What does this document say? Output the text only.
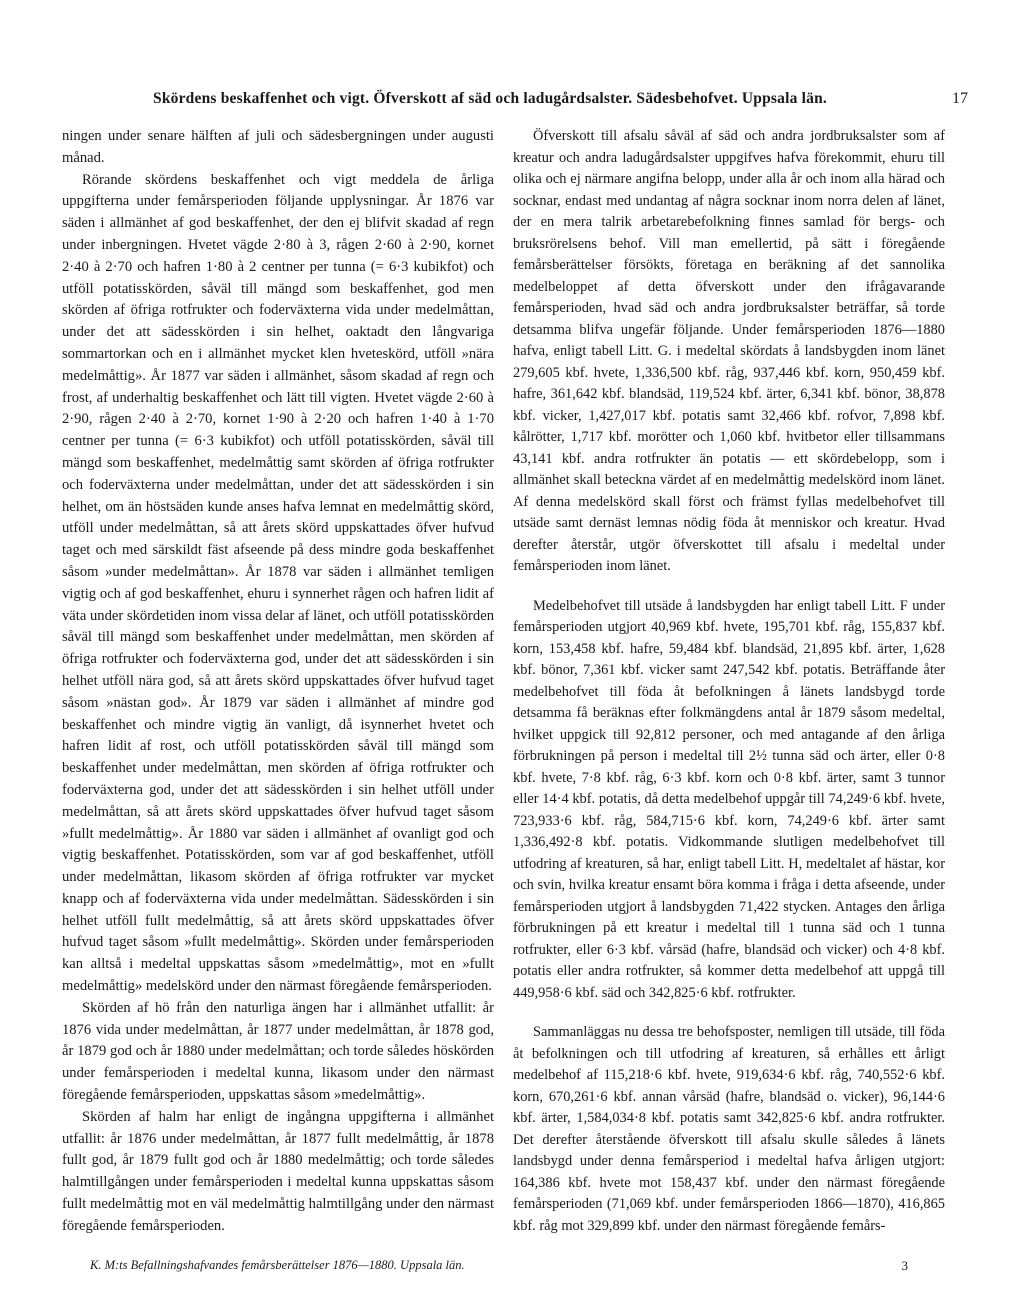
Skördens beskaffenhet och vigt. Öfverskott af säd och ladugårdsalster. Sädesbehofvet. Uppsala län.	17

ningen under senare hälften af juli och sädesbergningen under augusti månad.

Rörande skördens beskaffenhet och vigt meddela de årliga uppgifterna under femårsperioden följande upplysningar. År 1876 var säden i allmänhet af god beskaffenhet, der den ej blifvit skadad af regn under inbergningen. Hvetet vägde 2·80 à 3, rågen 2·60 à 2·90, kornet 2·40 à 2·70 och hafren 1·80 à 2 centner per tunna (= 6·3 kubikfot) och utföll potatisskörden, såväl till mängd som beskaffenhet, god men skörden af öfriga rotfrukter och foderväxterna vida under medelmåttan, under det att sädesskörden i sin helhet, oaktadt den långvariga sommartorkan och en i allmänhet mycket klen hveteskörd, utföll »nära medelmåttig». År 1877 var säden i allmänhet, såsom skadad af regn och frost, af underhaltig beskaffenhet och lätt till vigten. Hvetet vägde 2·60 à 2·90, rågen 2·40 à 2·70, kornet 1·90 à 2·20 och hafren 1·40 à 1·70 centner per tunna (= 6·3 kubikfot) och utföll potatisskörden, såväl till mängd som beskaffenhet, medelmåttig samt skörden af öfriga rotfrukter och foderväxterna under medelmåttan, under det att sädesskörden i sin helhet, om än höstsäden kunde anses hafva lemnat en medelmåttig skörd, utföll under medelmåttan, så att årets skörd uppskattades öfver hufvud taget och med särskildt fäst afseende på dess mindre goda beskaffenhet såsom »under medelmåttan». År 1878 var säden i allmänhet temligen vigtig och af god beskaffenhet, ehuru i synnerhet rågen och hafren lidit af väta under skördetiden inom vissa delar af länet, och utföll potatisskörden såväl till mängd som beskaffenhet under medelmåttan, men skörden af öfriga rotfrukter och foderväxterna god, under det att sädesskörden i sin helhet utföll nära god, så att årets skörd uppskattades öfver hufvud taget såsom »nästan god». År 1879 var säden i allmänhet af mindre god beskaffenhet och mindre vigtig än vanligt, då isynnerhet hvetet och hafren lidit af rost, och utföll potatisskörden såväl till mängd som beskaffenhet under medelmåttan, men skörden af öfriga rotfrukter och foderväxterna god, under det att sädesskörden i sin helhet utföll under medelmåttan, så att årets skörd uppskattades öfver hufvud taget såsom »fullt medelmåttig». År 1880 var säden i allmänhet af ovanligt god och vigtig beskaffenhet. Potatisskörden, som var af god beskaffenhet, utföll under medelmåttan, likasom skörden af öfriga rotfrukter var mycket knapp och af foderväxterna vida under medelmåttan. Sädesskörden i sin helhet utföll fullt medelmåttig, så att årets skörd uppskattades öfver hufvud taget såsom »fullt medelmåttig». Skörden under femårsperioden kan alltså i medeltal uppskattas såsom »medelmåttig», mot en »fullt medelmåttig» medelskörd under den närmast föregående femårsperioden.

Skörden af hö från den naturliga ängen har i allmänhet utfallit: år 1876 vida under medelmåttan, år 1877 under medelmåttan, år 1878 god, år 1879 god och år 1880 under medelmåttan; och torde således höskörden under femårsperioden i medeltal kunna, likasom under den närmast föregående femårsperioden, uppskattas såsom »medelmåttig».

Skörden af halm har enligt de ingångna uppgifterna i allmänhet utfallit: år 1876 under medelmåttan, år 1877 fullt medelmåttig, år 1878 fullt god, år 1879 fullt god och år 1880 medelmåttig; och torde således halmtillgången under femårsperioden i medeltal kunna uppskattas såsom fullt medelmåttig mot en väl medelmåttig halmtillgång under den närmast föregående femårsperioden.

Öfverskott till afsalu såväl af säd och andra jordbruksalster som af kreatur och andra ladugårdsalster uppgifves hafva förekommit, ehuru till olika och ej närmare angifna belopp, under alla år och inom alla härad och socknar, endast med undantag af några socknar inom norra delen af länet, der en mera talrik arbetarebefolkning finnes samlad för bergs- och bruksrörelsens behof. Vill man emellertid, på sätt i föregående femårsberättelser försökts, företaga en beräkning af det sannolika medelbeloppet af detta öfverskott under den ifrågavarande femårsperioden, hvad säd och andra jordbruksalster beträffar, så torde detsamma blifva ungefär följande. Under femårsperioden 1876—1880 hafva, enligt tabell Litt. G. i medeltal skördats å landsbygden inom länet 279,605 kbf. hvete, 1,336,500 kbf. råg, 937,446 kbf. korn, 950,459 kbf. hafre, 361,642 kbf. blandsäd, 119,524 kbf. ärter, 6,341 kbf. bönor, 38,878 kbf. vicker, 1,427,017 kbf. potatis samt 32,466 kbf. rofvor, 7,898 kbf. kålrötter, 1,717 kbf. morötter och 1,060 kbf. hvitbetor eller tillsammans 43,141 kbf. andra rotfrukter än potatis — ett skördebelopp, som i allmänhet skall beteckna värdet af en medelmåttig medelskörd inom länet. Af denna medelskörd skall först och främst fyllas medelbehofvet till utsäde samt dernäst lemnas nödig föda åt menniskor och kreatur. Hvad derefter återstår, utgör öfverskottet till afsalu i medeltal under femårsperioden inom länet.

Medelbehofvet till utsäde å landsbygden har enligt tabell Litt. F under femårsperioden utgjort 40,969 kbf. hvete, 195,701 kbf. råg, 155,837 kbf. korn, 153,458 kbf. hafre, 59,484 kbf. blandsäd, 21,895 kbf. ärter, 1,628 kbf. bönor, 7,361 kbf. vicker samt 247,542 kbf. potatis. Beträffande åter medelbehofvet till föda åt befolkningen å länets landsbygd torde detsamma få beräknas efter folkmängdens antal år 1879 såsom medeltal, hvilket uppgick till 92,812 personer, och med antagande af den årliga förbrukningen på person i medeltal till 2½ tunna säd och ärter, eller 0·8 kbf. hvete, 7·8 kbf. råg, 6·3 kbf. korn och 0·8 kbf. ärter, samt 3 tunnor eller 14·4 kbf. potatis, då detta medelbehof uppgår till 74,249·6 kbf. hvete, 723,933·6 kbf. råg, 584,715·6 kbf. korn, 74,249·6 kbf. ärter samt 1,336,492·8 kbf. potatis. Vidkommande slutligen medelbehofvet till utfodring af kreaturen, så har, enligt tabell Litt. H, medeltalet af hästar, kor och svin, hvilka kreatur ensamt böra komma i fråga i detta afseende, under femårsperioden utgjort å landsbygden 71,422 stycken. Antages den årliga förbrukningen på ett kreatur i medeltal till 1 tunna säd och 1 tunna rotfrukter, eller 6·3 kbf. vårsäd (hafre, blandsäd och vicker) och 4·8 kbf. potatis eller andra rotfrukter, så kommer detta medelbehof att uppgå till 449,958·6 kbf. säd och 342,825·6 kbf. rotfrukter.

Sammanläggas nu dessa tre behofsposter, nemligen till utsäde, till föda åt befolkningen och till utfodring af kreaturen, så erhålles ett årligt medelbehof af 115,218·6 kbf. hvete, 919,634·6 kbf. råg, 740,552·6 kbf. korn, 670,261·6 kbf. annan vårsäd (hafre, blandsäd o. vicker), 96,144·6 kbf. ärter, 1,584,034·8 kbf. potatis samt 342,825·6 kbf. andra rotfrukter. Det derefter återstående öfverskott till afsalu skulle således å länets landsbygd under denna femårsperiod i medeltal hafva årligen utgjort: 164,386 kbf. hvete mot 158,437 kbf. under den närmast föregående femårsperioden (71,069 kbf. under femårsperioden 1866—1870), 416,865 kbf. råg mot 329,899 kbf. under den närmast föregående femårs-

K. M:ts Befallningshafvandes femårsberättelser 1876—1880. Uppsala län.	3
